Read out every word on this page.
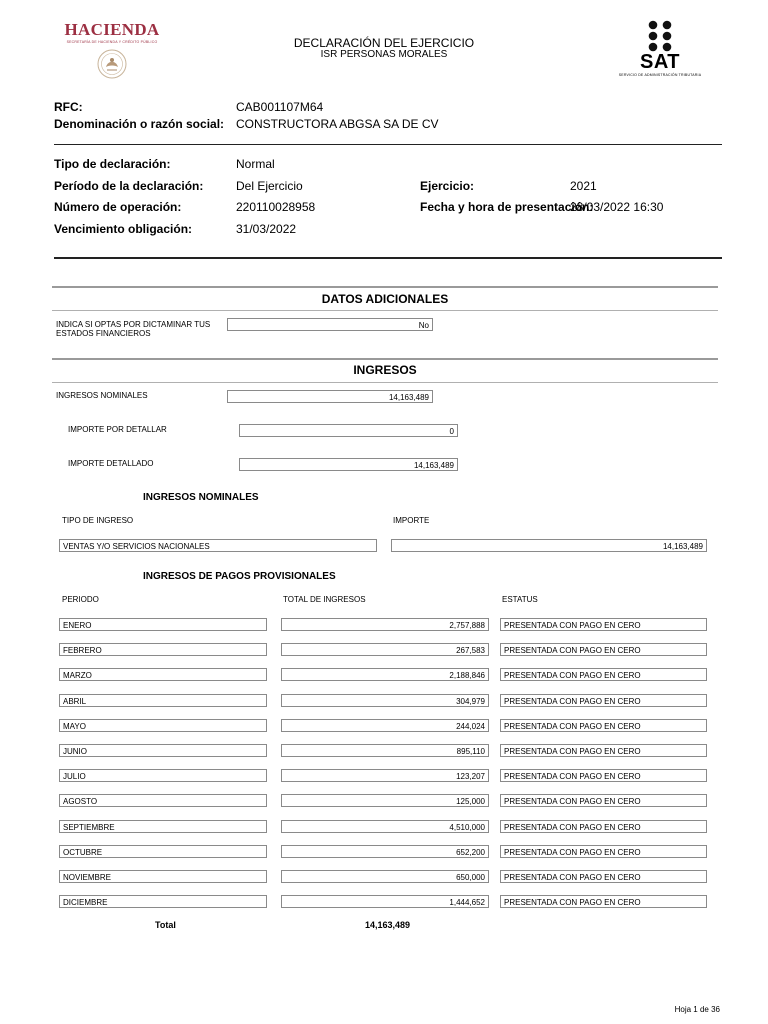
HACIENDA
SECRETARÍA DE HACIENDA Y CRÉDITO PÚBLICO	DECLARACIÓN DEL EJERCICIO
ISR PERSONAS MORALES	SAT
SERVICIO DE ADMINISTRACIÓN TRIBUTARIA
RFC:	CAB001107M64
Denominación o razón social: CONSTRUCTORA ABGSA SA DE CV
Tipo de declaración:	Normal
Período de la declaración:	Del Ejercicio	Ejercicio:	2021
Número de operación:	220110028958	Fecha y hora de presentación:
28/03/2022 16:30
Vencimiento obligación:	31/03/2022
DATOS ADICIONALES
INDICA SI OPTAS POR DICTAMINAR TUS
ESTADOS FINANCIEROS
No
INGRESOS
INGRESOS NOMINALES	14,163,489
IMPORTE POR DETALLAR	0
IMPORTE DETALLADO	14,163,489
INGRESOS NOMINALES
TIPO DE INGRESO	IMPORTE
VENTAS Y/O SERVICIOS NACIONALES	14,163,489
INGRESOS DE PAGOS PROVISIONALES
PERIODO	TOTAL DE INGRESOS	ESTATUS
ENERO	2,757,888	PRESENTADA CON PAGO EN CERO
FEBRERO	267,583	PRESENTADA CON PAGO EN CERO
MARZO	2,188,846	PRESENTADA CON PAGO EN CERO
ABRIL	304,979	PRESENTADA CON PAGO EN CERO
MAYO	244,024	PRESENTADA CON PAGO EN CERO
JUNIO	895,110	PRESENTADA CON PAGO EN CERO
JULIO	123,207	PRESENTADA CON PAGO EN CERO
AGOSTO	125,000	PRESENTADA CON PAGO EN CERO
SEPTIEMBRE	4,510,000	PRESENTADA CON PAGO EN CERO
OCTUBRE	652,200	PRESENTADA CON PAGO EN CERO
NOVIEMBRE	650,000	PRESENTADA CON PAGO EN CERO
DICIEMBRE	1,444,652	PRESENTADA CON PAGO EN CERO
Total	14,163,489
Hoja 1 de 36
